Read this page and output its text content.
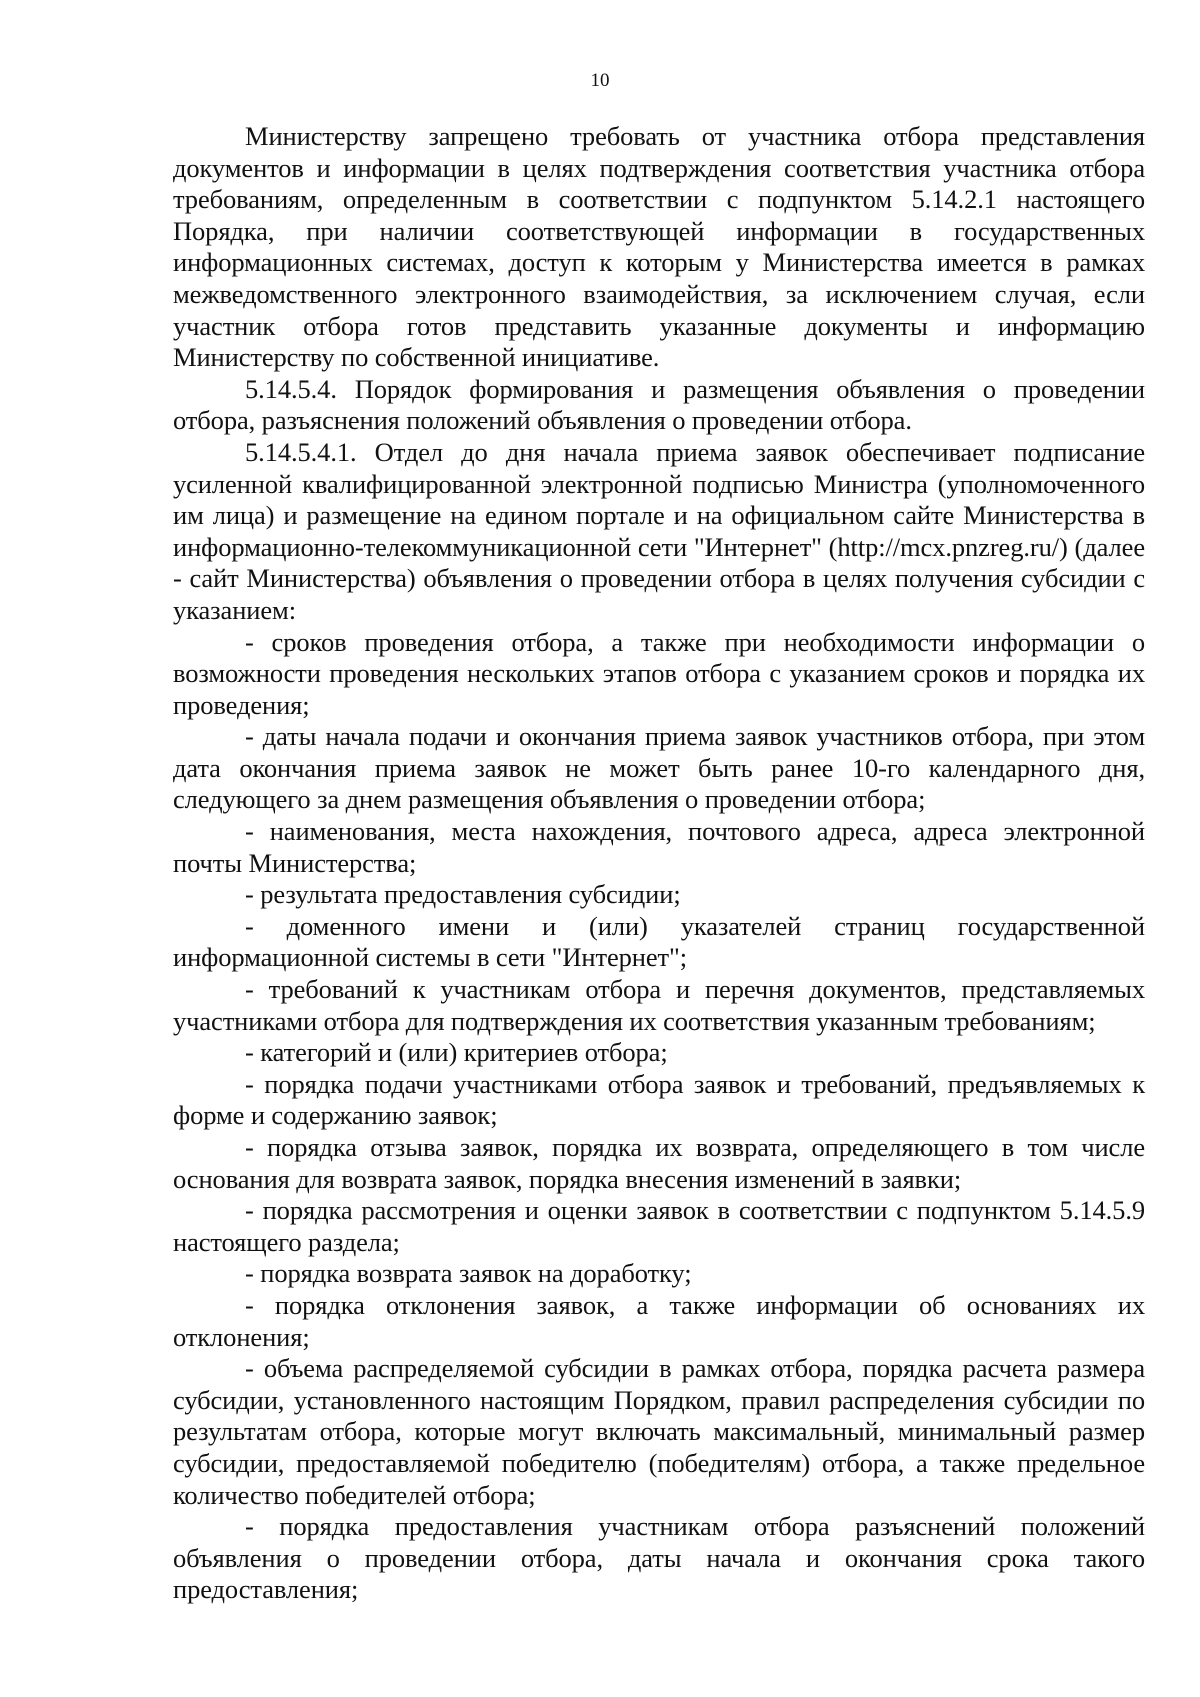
10

Министерству запрещено требовать от участника отбора представления документов и информации в целях подтверждения соответствия участника отбора требованиям, определенным в соответствии с подпунктом 5.14.2.1 настоящего Порядка, при наличии соответствующей информации в государственных информационных системах, доступ к которым у Министерства имеется в рамках межведомственного электронного взаимодействия, за исключением случая, если участник отбора готов представить указанные документы и информацию Министерству по собственной инициативе.

5.14.5.4. Порядок формирования и размещения объявления о проведении отбора, разъяснения положений объявления о проведении отбора.

5.14.5.4.1. Отдел до дня начала приема заявок обеспечивает подписание усиленной квалифицированной электронной подписью Министра (уполномоченного им лица) и размещение на едином портале и на официальном сайте Министерства в информационно-телекоммуникационной сети "Интернет" (http://mcx.pnzreg.ru/) (далее - сайт Министерства) объявления о проведении отбора в целях получения субсидии с указанием:

- сроков проведения отбора, а также при необходимости информации о возможности проведения нескольких этапов отбора с указанием сроков и порядка их проведения;

- даты начала подачи и окончания приема заявок участников отбора, при этом дата окончания приема заявок не может быть ранее 10-го календарного дня, следующего за днем размещения объявления о проведении отбора;

- наименования, места нахождения, почтового адреса, адреса электронной почты Министерства;

- результата предоставления субсидии;

- доменного имени и (или) указателей страниц государственной информационной системы в сети "Интернет";

- требований к участникам отбора и перечня документов, представляемых участниками отбора для подтверждения их соответствия указанным требованиям;

- категорий и (или) критериев отбора;

- порядка подачи участниками отбора заявок и требований, предъявляемых к форме и содержанию заявок;

- порядка отзыва заявок, порядка их возврата, определяющего в том числе основания для возврата заявок, порядка внесения изменений в заявки;

- порядка рассмотрения и оценки заявок в соответствии с подпунктом 5.14.5.9 настоящего раздела;

- порядка возврата заявок на доработку;

- порядка отклонения заявок, а также информации об основаниях их отклонения;

- объема распределяемой субсидии в рамках отбора, порядка расчета размера субсидии, установленного настоящим Порядком, правил распределения субсидии по результатам отбора, которые могут включать максимальный, минимальный размер субсидии, предоставляемой победителю (победителям) отбора, а также предельное количество победителей отбора;

- порядка предоставления участникам отбора разъяснений положений объявления о проведении отбора, даты начала и окончания срока такого предоставления;
